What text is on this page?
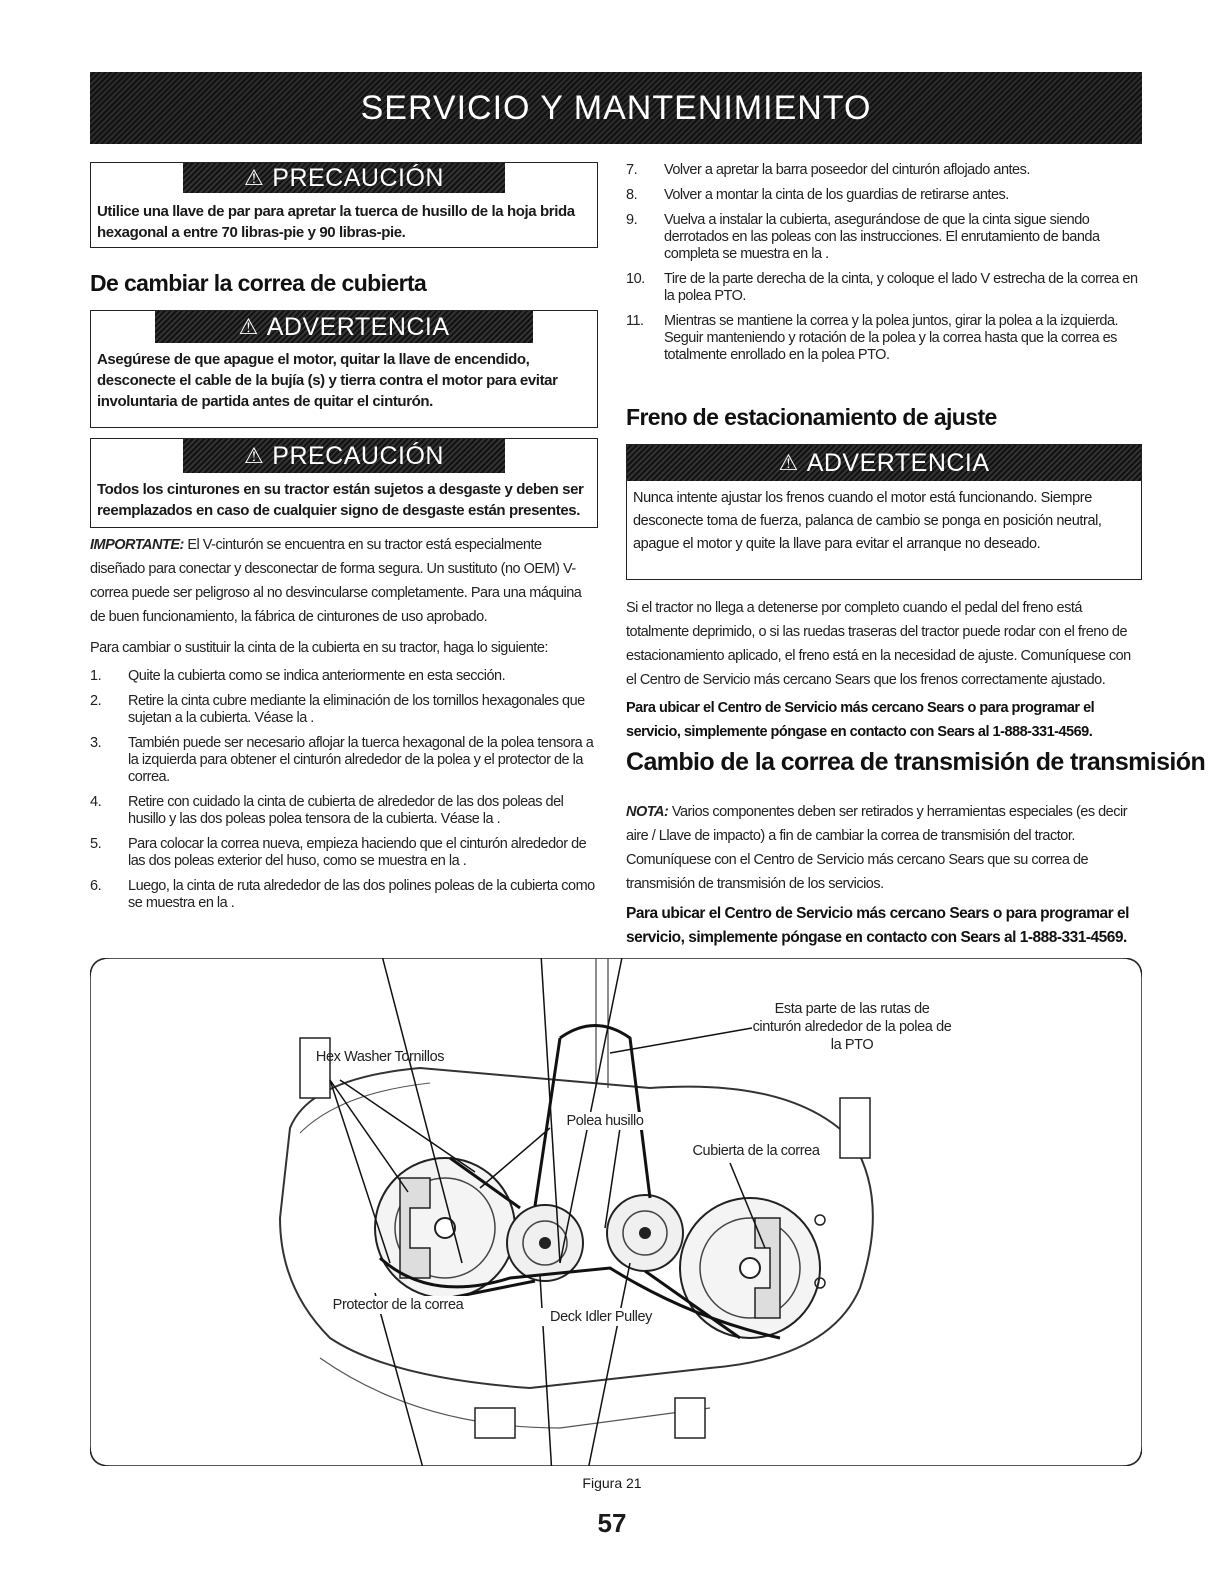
SERVICIO Y MANTENIMIENTO
⚠ PRECAUCIÓN
Utilice una llave de par para apretar la tuerca de husillo de la hoja brida hexagonal a entre 70 libras-pie y 90 libras-pie.
De cambiar la correa de cubierta
⚠ ADVERTENCIA
Asegúrese de que apague el motor, quitar la llave de encendido, desconecte el cable de la bujía (s) y tierra contra el motor para evitar involuntaria de partida antes de quitar el cinturón.
⚠ PRECAUCIÓN
Todos los cinturones en su tractor están sujetos a desgaste y deben ser reemplazados en caso de cualquier signo de desgaste están presentes.
IMPORTANTE: El V-cinturón se encuentra en su tractor está especialmente diseñado para conectar y desconectar de forma segura. Un sustituto (no OEM) V-correa puede ser peligroso al no desvincularse completamente. Para una máquina de buen funcionamiento, la fábrica de cinturones de uso aprobado.
Para cambiar o sustituir la cinta de la cubierta en su tractor, haga lo siguiente:
1.	Quite la cubierta como se indica anteriormente en esta sección.
2.	Retire la cinta cubre mediante la eliminación de los tornillos hexagonales que sujetan a la cubierta. Véase la .
3.	También puede ser necesario aflojar la tuerca hexagonal de la polea tensora a la izquierda para obtener el cinturón alrededor de la polea y el protector de la correa.
4.	Retire con cuidado la cinta de cubierta de alrededor de las dos poleas del husillo y las dos poleas polea tensora de la cubierta. Véase la .
5.	Para colocar la correa nueva, empieza haciendo que el cinturón alrededor de las dos poleas exterior del huso, como se muestra en la .
6.	Luego, la cinta de ruta alrededor de las dos polines poleas de la cubierta como se muestra en la .
7.	Volver a apretar la barra poseedor del cinturón aflojado antes.
8.	Volver a montar la cinta de los guardias de retirarse antes.
9.	Vuelva a instalar la cubierta, asegurándose de que la cinta sigue siendo derrotados en las poleas con las instrucciones. El enrutamiento de banda completa se muestra en la .
10.	Tire de la parte derecha de la cinta, y coloque el lado V estrecha de la correa en la polea PTO.
11.	Mientras se mantiene la correa y la polea juntos, girar la polea a la izquierda. Seguir manteniendo y rotación de la polea y la correa hasta que la correa es totalmente enrollado en la polea PTO.
Freno de estacionamiento de ajuste
⚠ ADVERTENCIA
Nunca intente ajustar los frenos cuando el motor está funcionando. Siempre desconecte toma de fuerza, palanca de cambio se ponga en posición neutral, apague el motor y quite la llave para evitar el arranque no deseado.
Si el tractor no llega a detenerse por completo cuando el pedal del freno está totalmente deprimido, o si las ruedas traseras del tractor puede rodar con el freno de estacionamiento aplicado, el freno está en la necesidad de ajuste. Comuníquese con el Centro de Servicio más cercano Sears que los frenos correctamente ajustado.
Para ubicar el Centro de Servicio más cercano Sears o para programar el servicio, simplemente póngase en contacto con Sears al 1-888-331-4569.
Cambio de la correa de transmisión de transmisión
NOTA: Varios componentes deben ser retirados y herramientas especiales (es decir aire / Llave de impacto) a fin de cambiar la correa de transmisión del tractor. Comuníquese con el Centro de Servicio más cercano Sears que su correa de transmisión de transmisión de los servicios.
Para ubicar el Centro de Servicio más cercano Sears o para programar el servicio, simplemente póngase en contacto con Sears al 1-888-331-4569.
Esta parte de las rutas de cinturón alrededor de la polea de la PTO
Hex Washer Tornillos
Polea husillo
Cubierta de la correa
Protector de la correa
Deck Idler Pulley
Figura 21
57
